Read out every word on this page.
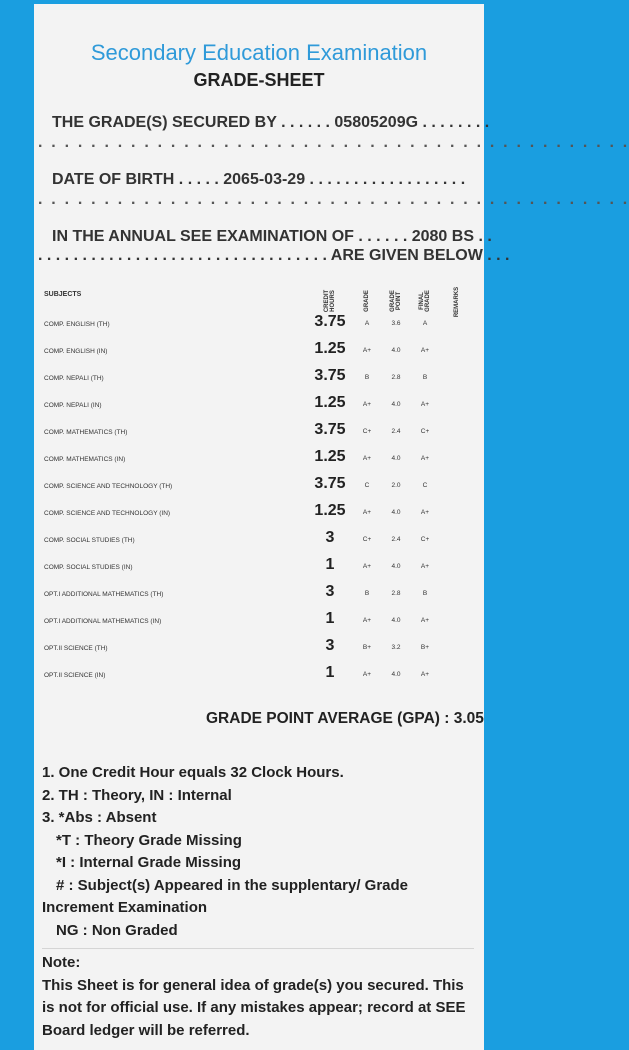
Secondary Education Examination
GRADE-SHEET
THE GRADE(S) SECURED BY . . . . . . 05805209G . . . . . . . .
. . . . . . . . . . . . . . . . . . . . . . . . . . . . . . . . . . . . . . . . . . . . .
DATE OF BIRTH . . . . . 2065-03-29 . . . . . . . . . . . . . . . . . .
. . . . . . . . . . . . . . . . . . . . . . . . . . . . . . . . . . . . . . . . . . . . .
IN THE ANNUAL SEE EXAMINATION OF . . . . . . 2080 BS . .
. . . . . . . . . . . . . . . . . . . . . . . . . . . . . . . . . ARE GIVEN BELOW . . .
SUBJECTS	CREDIT HOURS	GRADE	GRADE POINT	FINAL GRADE	REMARKS
COMP. ENGLISH (TH)	3.75	A	3.6	A
COMP. ENGLISH (IN)	1.25	A+	4.0	A+
COMP. NEPALI (TH)	3.75	B	2.8	B
COMP. NEPALI (IN)	1.25	A+	4.0	A+
COMP. MATHEMATICS (TH)	3.75	C+	2.4	C+
COMP. MATHEMATICS (IN)	1.25	A+	4.0	A+
COMP. SCIENCE AND TECHNOLOGY (TH)	3.75	C	2.0	C
COMP. SCIENCE AND TECHNOLOGY (IN)	1.25	A+	4.0	A+
COMP. SOCIAL STUDIES (TH)	3	C+	2.4	C+
COMP. SOCIAL STUDIES (IN)	1	A+	4.0	A+
OPT.I ADDITIONAL MATHEMATICS (TH)	3	B	2.8	B
OPT.I ADDITIONAL MATHEMATICS (IN)	1	A+	4.0	A+
OPT.II SCIENCE (TH)	3	B+	3.2	B+
OPT.II SCIENCE (IN)	1	A+	4.0	A+
GRADE POINT AVERAGE (GPA) : 3.05
1. One Credit Hour equals 32 Clock Hours.
2. TH : Theory, IN : Internal
3. *Abs : Absent
*T : Theory Grade Missing
*I : Internal Grade Missing
# : Subject(s) Appeared in the supplentary/ Grade
Increment Examination
NG : Non Graded
Note:
This Sheet is for general idea of grade(s) you secured. This is not for official use. If any mistakes appear; record at SEE Board ledger will be referred.
